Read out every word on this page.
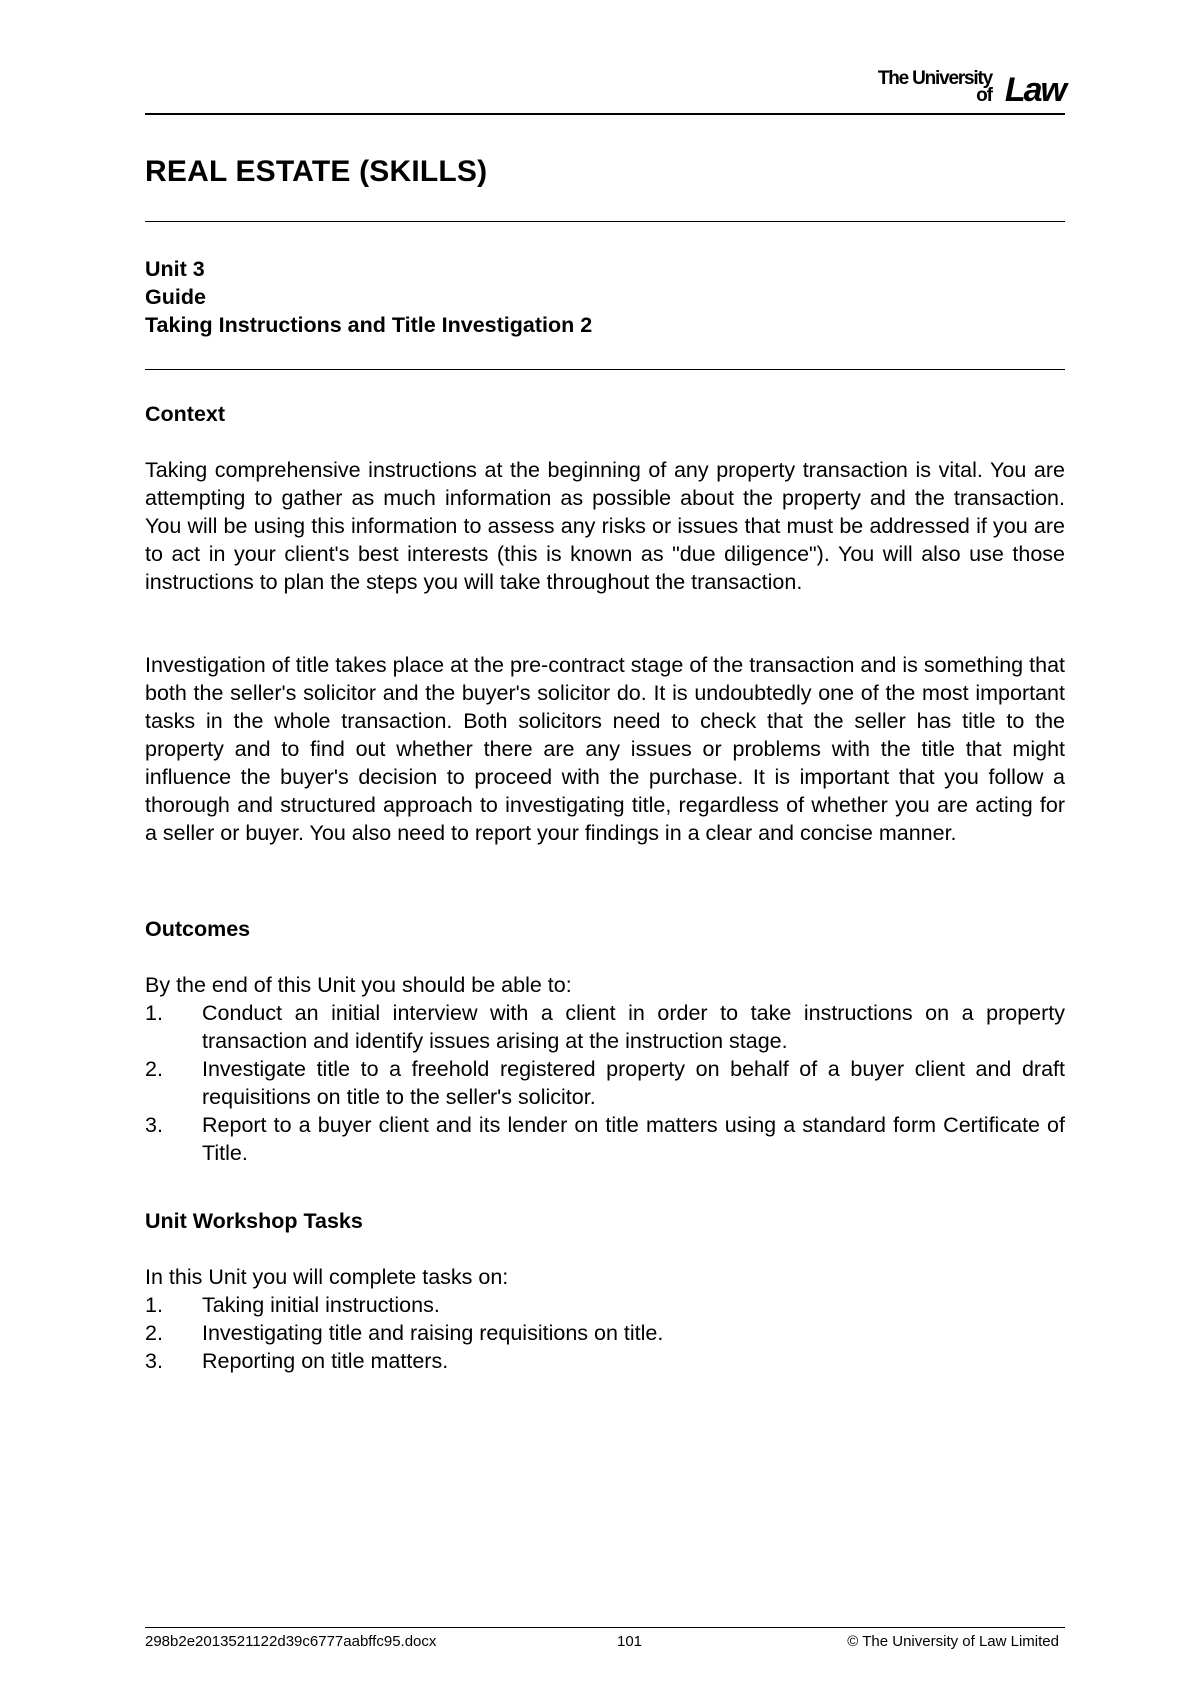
The University
of Law
REAL ESTATE (SKILLS)
Unit 3
Guide
Taking Instructions and Title Investigation 2
Context

Taking comprehensive instructions at the beginning of any property transaction is vital. You are attempting to gather as much information as possible about the property and the transaction. You will be using this information to assess any risks or issues that must be addressed if you are to act in your client's best interests (this is known as "due diligence"). You will also use those instructions to plan the steps you will take throughout the transaction.

Investigation of title takes place at the pre-contract stage of the transaction and is something that both the seller's solicitor and the buyer's solicitor do. It is undoubtedly one of the most important tasks in the whole transaction. Both solicitors need to check that the seller has title to the property and to find out whether there are any issues or problems with the title that might influence the buyer's decision to proceed with the purchase. It is important that you follow a thorough and structured approach to investigating title, regardless of whether you are acting for a seller or buyer. You also need to report your findings in a clear and concise manner.

Outcomes

By the end of this Unit you should be able to:

1. Conduct an initial interview with a client in order to take instructions on a property transaction and identify issues arising at the instruction stage.
2. Investigate title to a freehold registered property on behalf of a buyer client and draft requisitions on title to the seller's solicitor.
3. Report to a buyer client and its lender on title matters using a standard form Certificate of Title.
Unit Workshop Tasks

In this Unit you will complete tasks on:

1. Taking initial instructions.
2. Investigating title and raising requisitions on title.
3. Reporting on title matters.
298b2e2013521122d39c6777aabffc95.docx	101	© The University of Law Limited
